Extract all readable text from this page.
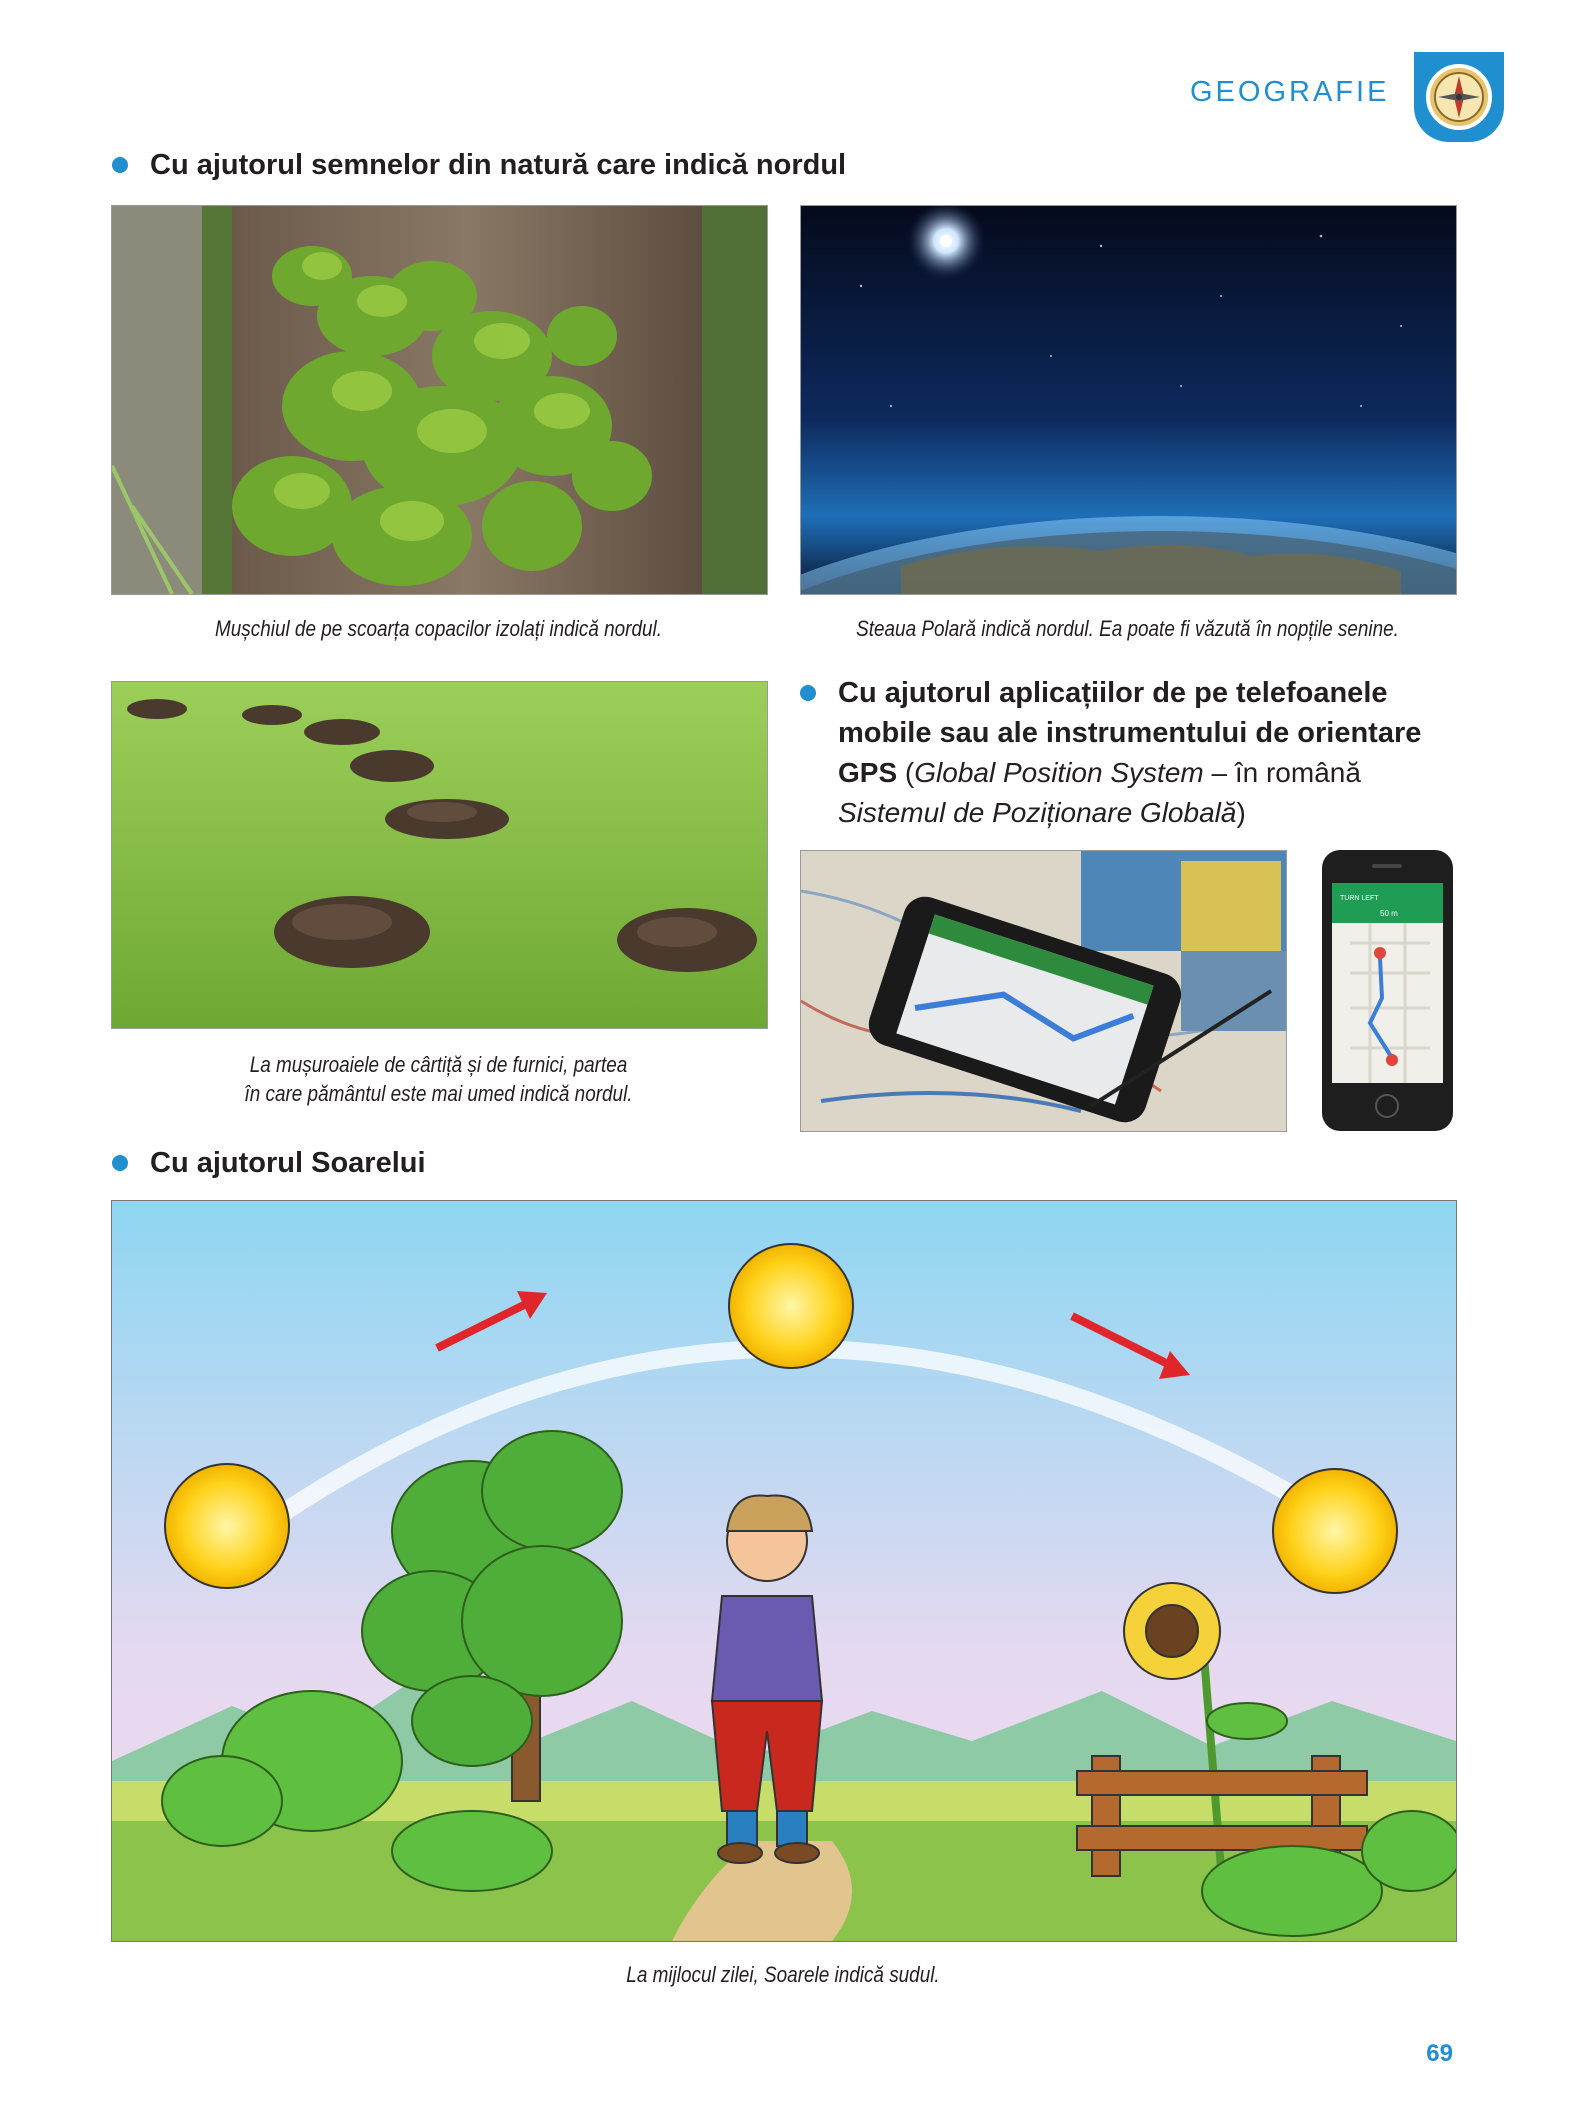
GEOGRAFIE
Cu ajutorul semnelor din natură care indică nordul
Mușchiul de pe scoarța copacilor izolați indică nordul.	Steaua Polară indică nordul. Ea poate fi văzută în nopțile senine.
La mușuroaiele de cârtiță și de furnici, partea
în care pământul este mai umed indică nordul.
Cu ajutorul aplicațiilor de pe telefoanele
mobile sau ale instrumentului de orientare
GPS (Global Position System – în română
Sistemul de Poziționare Globală)
TURN LEFT
50 m
Cu ajutorul Soarelui
La mijlocul zilei, Soarele indică sudul.
69
